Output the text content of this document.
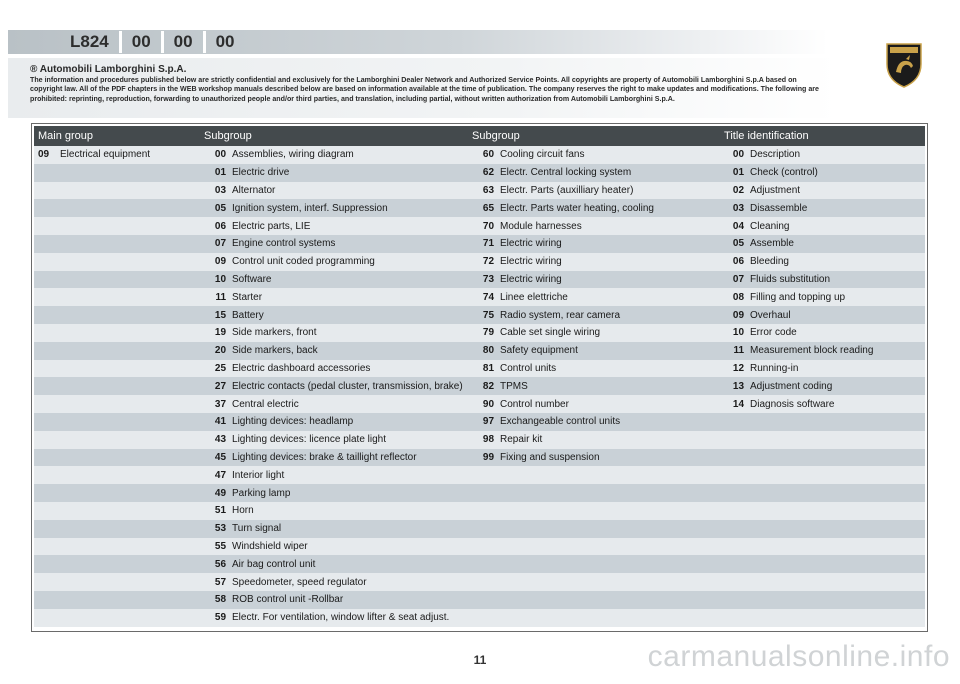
L824 00 00 00
® Automobili Lamborghini S.p.A.
The information and procedures published below are strictly confidential and exclusively for the Lamborghini Dealer Network and Authorized Service Points. All copyrights are property of Automobili Lamborghini S.p.A based on copyright law. All of the PDF chapters in the WEB workshop manuals described below are based on information available at the time of publication. The company reserves the right to make updates and modifications. The following are prohibited: reprinting, reproduction, forwarding to unauthorized people and/or third parties, and translation, including partial, without written authorization from Automobili Lamborghini S.p.A.
Main group		Subgroup		Subgroup		Title identification	
09	Electrical equipment	00	Assemblies, wiring diagram	60	Cooling circuit fans	00	Description
		01	Electric drive	62	Electr. Central locking system	01	Check (control)
		03	Alternator	63	Electr. Parts (auxilliary heater)	02	Adjustment
		05	Ignition system, interf. Suppression	65	Electr. Parts water heating, cooling	03	Disassemble
		06	Electric parts, LIE	70	Module harnesses	04	Cleaning
		07	Engine control systems	71	Electric wiring	05	Assemble
		09	Control unit coded programming	72	Electric wiring	06	Bleeding
		10	Software	73	Electric wiring	07	Fluids substitution
		11	Starter	74	Linee elettriche	08	Filling and topping up
		15	Battery	75	Radio system, rear camera	09	Overhaul
		19	Side markers, front	79	Cable set single wiring	10	Error code
		20	Side markers, back	80	Safety equipment	11	Measurement block reading
		25	Electric dashboard accessories	81	Control units	12	Running-in
		27	Electric contacts (pedal cluster, transmission, brake)	82	TPMS	13	Adjustment coding
		37	Central electric	90	Control number	14	Diagnosis software
		41	Lighting devices: headlamp	97	Exchangeable control units		
		43	Lighting devices: licence plate light	98	Repair kit		
		45	Lighting devices: brake & taillight reflector	99	Fixing and suspension		
		47	Interior light				
		49	Parking lamp				
		51	Horn				
		53	Turn signal				
		55	Windshield wiper				
		56	Air bag control unit				
		57	Speedometer, speed regulator				
		58	ROB control unit -Rollbar				
		59	Electr. For ventilation, window lifter & seat adjust.				
11	carmanualsonline.info
